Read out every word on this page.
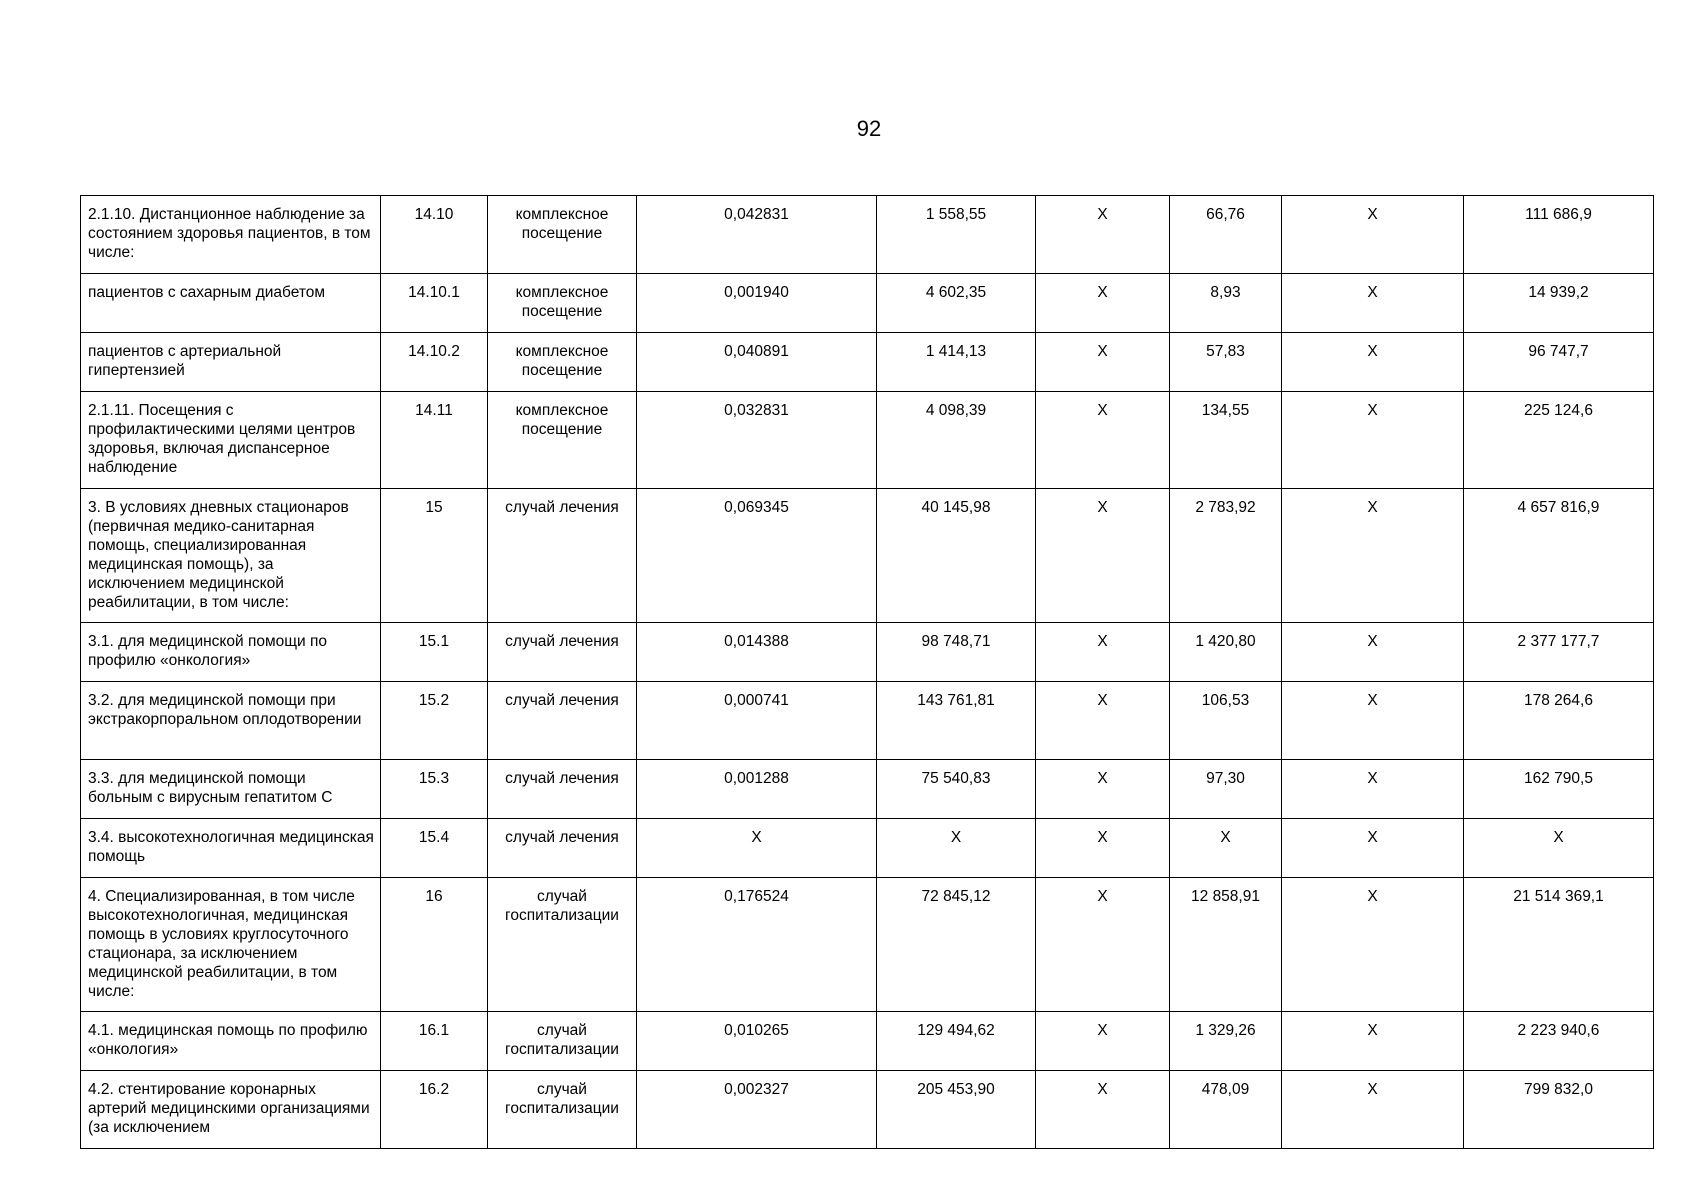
92
2.1.10. Дистанционное наблюдение за состоянием здоровья пациентов, в том числе:	14.10	комплексное посещение	0,042831	1 558,55	Х	66,76	Х	111 686,9
пациентов с сахарным диабетом	14.10.1	комплексное посещение	0,001940	4 602,35	Х	8,93	Х	14 939,2
пациентов с артериальной гипертензией	14.10.2	комплексное посещение	0,040891	1 414,13	Х	57,83	Х	96 747,7
2.1.11. Посещения с профилактическими целями центров здоровья, включая диспансерное наблюдение	14.11	комплексное посещение	0,032831	4 098,39	Х	134,55	Х	225 124,6
3. В условиях дневных стационаров (первичная медико-санитарная помощь, специализированная медицинская помощь), за исключением медицинской реабилитации, в том числе:	15	случай лечения	0,069345	40 145,98	Х	2 783,92	Х	4 657 816,9
3.1. для медицинской помощи по профилю «онкология»	15.1	случай лечения	0,014388	98 748,71	Х	1 420,80	Х	2 377 177,7
3.2. для медицинской помощи при экстракорпоральном оплодотворении	15.2	случай лечения	0,000741	143 761,81	Х	106,53	Х	178 264,6
3.3. для медицинской помощи больным с вирусным гепатитом С	15.3	случай лечения	0,001288	75 540,83	Х	97,30	Х	162 790,5
3.4. высокотехнологичная медицинская помощь	15.4	случай лечения	Х	Х	Х	Х	Х	Х
4. Специализированная, в том числе высокотехнологичная, медицинская помощь в условиях круглосуточного стационара, за исключением медицинской реабилитации, в том числе:	16	случай госпитализации	0,176524	72 845,12	Х	12 858,91	Х	21 514 369,1
4.1. медицинская помощь по профилю «онкология»	16.1	случай госпитализации	0,010265	129 494,62	Х	1 329,26	Х	2 223 940,6
4.2. стентирование коронарных артерий медицинскими организациями (за исключением	16.2	случай госпитализации	0,002327	205 453,90	Х	478,09	Х	799 832,0
